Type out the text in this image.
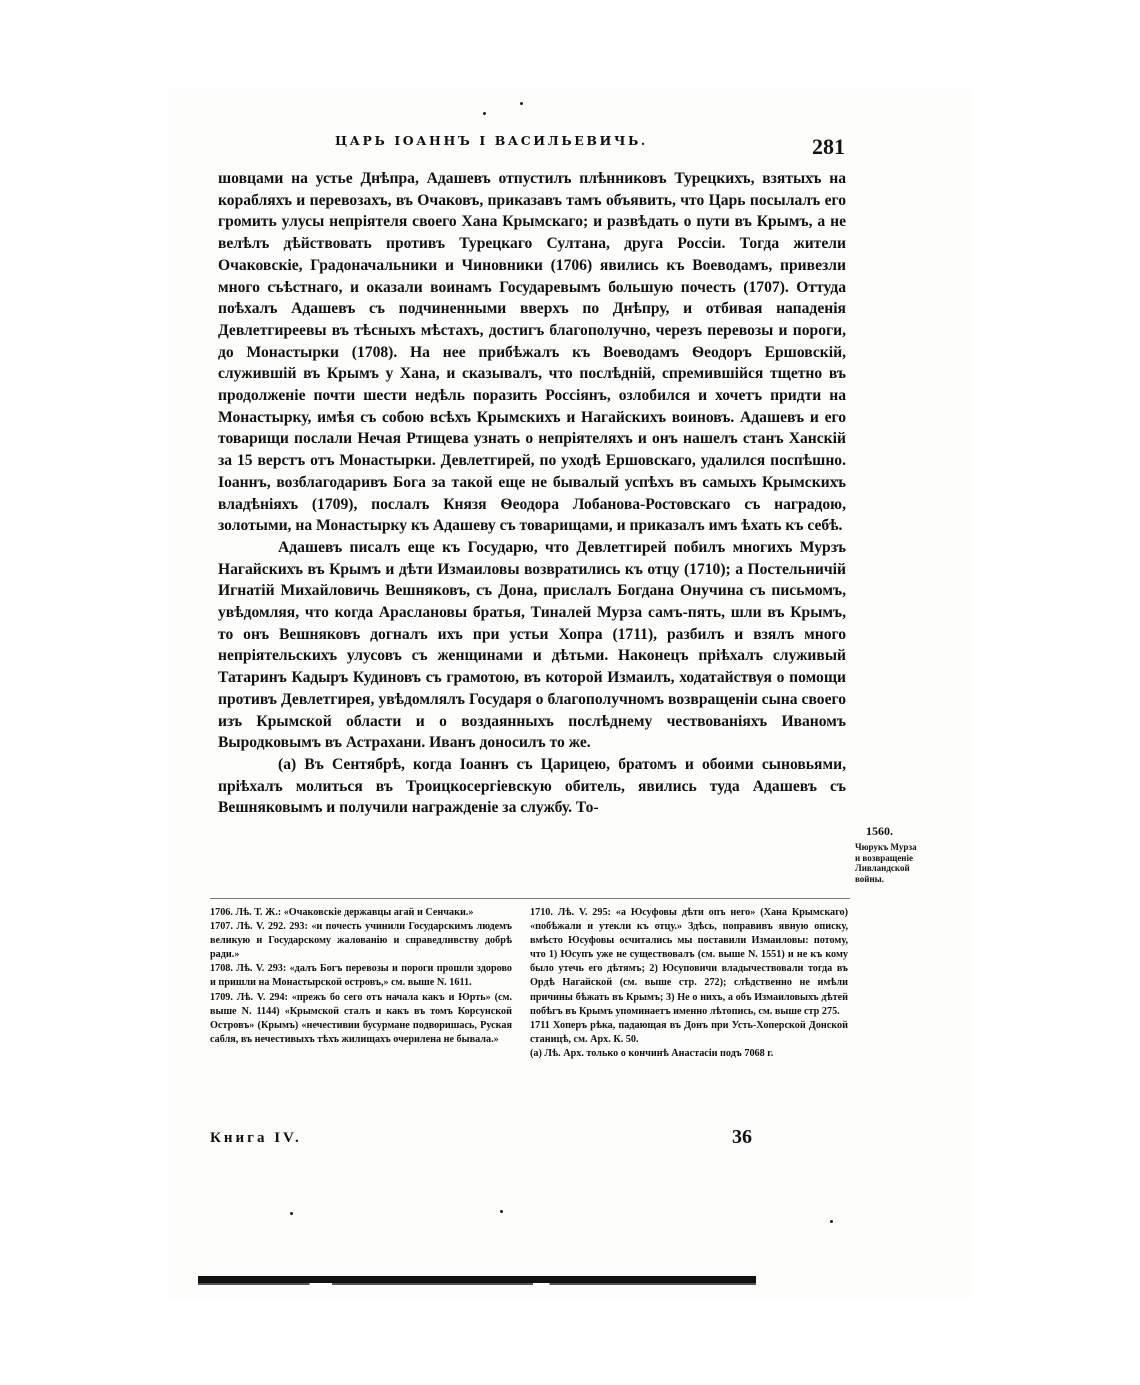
ЦАРЬ ІОАННЪ І ВАСИЛЬЕВИЧЬ.	281

шовцами на устье Днѣпра, Адашевъ отпустилъ плѣнниковъ Турецкихъ, взятыхъ на корабляхъ и перевозахъ, въ Очаковъ, приказавъ тамъ объявить, что Царь посылалъ его громить улусы непріятеля своего Хана Крымскаго; и развѣдать о пути въ Крымъ, а не велѣлъ дѣйствовать противъ Турецкаго Султана, друга Россіи. Тогда жители Очаковскіе, Градоначальники и Чиновники (1706) явились къ Воеводамъ, привезли много съѣстнаго, и оказали воинамъ Государевымъ большую почесть (1707). Оттуда поѣхалъ Адашевъ съ подчиненными вверхъ по Днѣпру, и отбивая нападенія Девлетгиреевы въ тѣсныхъ мѣстахъ, достигъ благополучно, черезъ перевозы и пороги, до Монастырки (1708). На нее прибѣжалъ къ Воеводамъ Ѳеодоръ Ершовскій, служившій въ Крымъ у Хана, и сказывалъ, что послѣдній, спремившійся тщетно въ продолженіе почти шести недѣль поразить Россіянъ, озлобился и хочетъ придти на Монастырку, имѣя съ собою всѣхъ Крымскихъ и Нагайскихъ воиновъ. Адашевъ и его товарищи послали Нечая Ртищева узнать о непріятеляхъ и онъ нашелъ станъ Ханскій за 15 верстъ отъ Монастырки. Девлетгирей, по уходѣ Ершовскаго, удалился поспѣшно. Іоаннъ, возблагодаривъ Бога за такой еще не бывалый успѣхъ въ самыхъ Крымскихъ владѣніяхъ (1709), послалъ Князя Ѳеодора Лобанова-Ростовскаго съ наградою, золотыми, на Монастырку къ Адашеву съ товарищами, и приказалъ имъ ѣхать къ себѣ.

Адашевъ писалъ еще къ Государю, что Девлетгирей побилъ многихъ Мурзъ Нагайскихъ въ Крымъ и дѣти Измаиловы возвратились къ отцу (1710); а Постельничій Игнатій Михайловичь Вешняковъ, съ Дона, прислалъ Богдана Онучина съ письмомъ, увѣдомляя, что когда Араслановы братья, Тиналей Мурза самъ-пять, шли въ Крымъ, то онъ Вешняковъ догналъ ихъ при устьи Хопра (1711), разбилъ и взялъ много непріятельскихъ улусовъ съ женщинами и дѣтьми. Наконецъ пріѣхалъ служивый Татаринъ Кадыръ Кудиновъ съ грамотою, въ которой Измаилъ, ходатайствуя о помощи противъ Девлетгирея, увѣдомлялъ Государя о благополучномъ возвращеніи сына своего изъ Крымской области и о воздаянныхъ послѣднему чествованіяхъ Иваномъ Выродковымъ въ Астрахани. Иванъ доносилъ то же.

(а) Въ Сентябрѣ, когда Іоаннъ съ Царицею, братомъ и обоими сыновьями, пріѣхалъ молиться въ Троицкосергіевскую обитель, явились туда Адашевъ съ Вешняковымъ и получили награжденіе за службу. То-

1560.
Чюрукъ Мурза и возвращеніе Ливландской войны.

1706. Лѣ. Т. Ж.: «Очаковскіе державцы агай и Сенчаки.»

1707. Лѣ. V. 292. 293: «и почесть учинили Государскимъ людемъ великую и Государскому жалованію и справедливству добрѣ ради.»

1708. Лѣ. V. 293: «далъ Богъ перевозы и пороги прошли здорово и пришли на Монастырской островъ,» см. выше N. 1611.

1709. Лѣ. V. 294: «прежъ бо сего отъ начала какъ и Юрть» (см. выше N. 1144) «Крымской сталъ и какъ въ томъ Корсунской Островъ» (Крымъ) «нечестивии бусурмане подворишась, Руская сабля, въ нечестивыхъ тѣхъ жилищахъ очерилена не бывала.»

1710. Лѣ. V. 295: «а Юсуфовы дѣти опъ него» (Хана Крымскаго) «побѣжали и утекли къ отцу.» Здѣсь, поправивъ явную описку, вмѣсто Юсуфовы осчитались мы поставили Измаиловы: потому, что 1) Юсупъ уже не существовалъ (см. выше N. 1551) и не къ кому было утечь его дѣтямъ; 2) Юсуповичи владычествовали тогда въ Ордѣ Нагайской (см. выше стр. 272); слѣдственно не имѣли причины бѣжать въ Крымъ; 3) Не о нихъ, а объ Измаиловыхъ дѣтей побѣгъ въ Крымъ упоминаетъ именно лѣтопись, см. выше стр 275.

1711 Хоперъ рѣка, падающая въ Донъ при Усть-Хоперской Донской станицѣ, см. Арх. К. 50.

(а) Лѣ. Арх. только о кончинѣ Анастасіи подъ 7068 г.

Книга IV.	36
